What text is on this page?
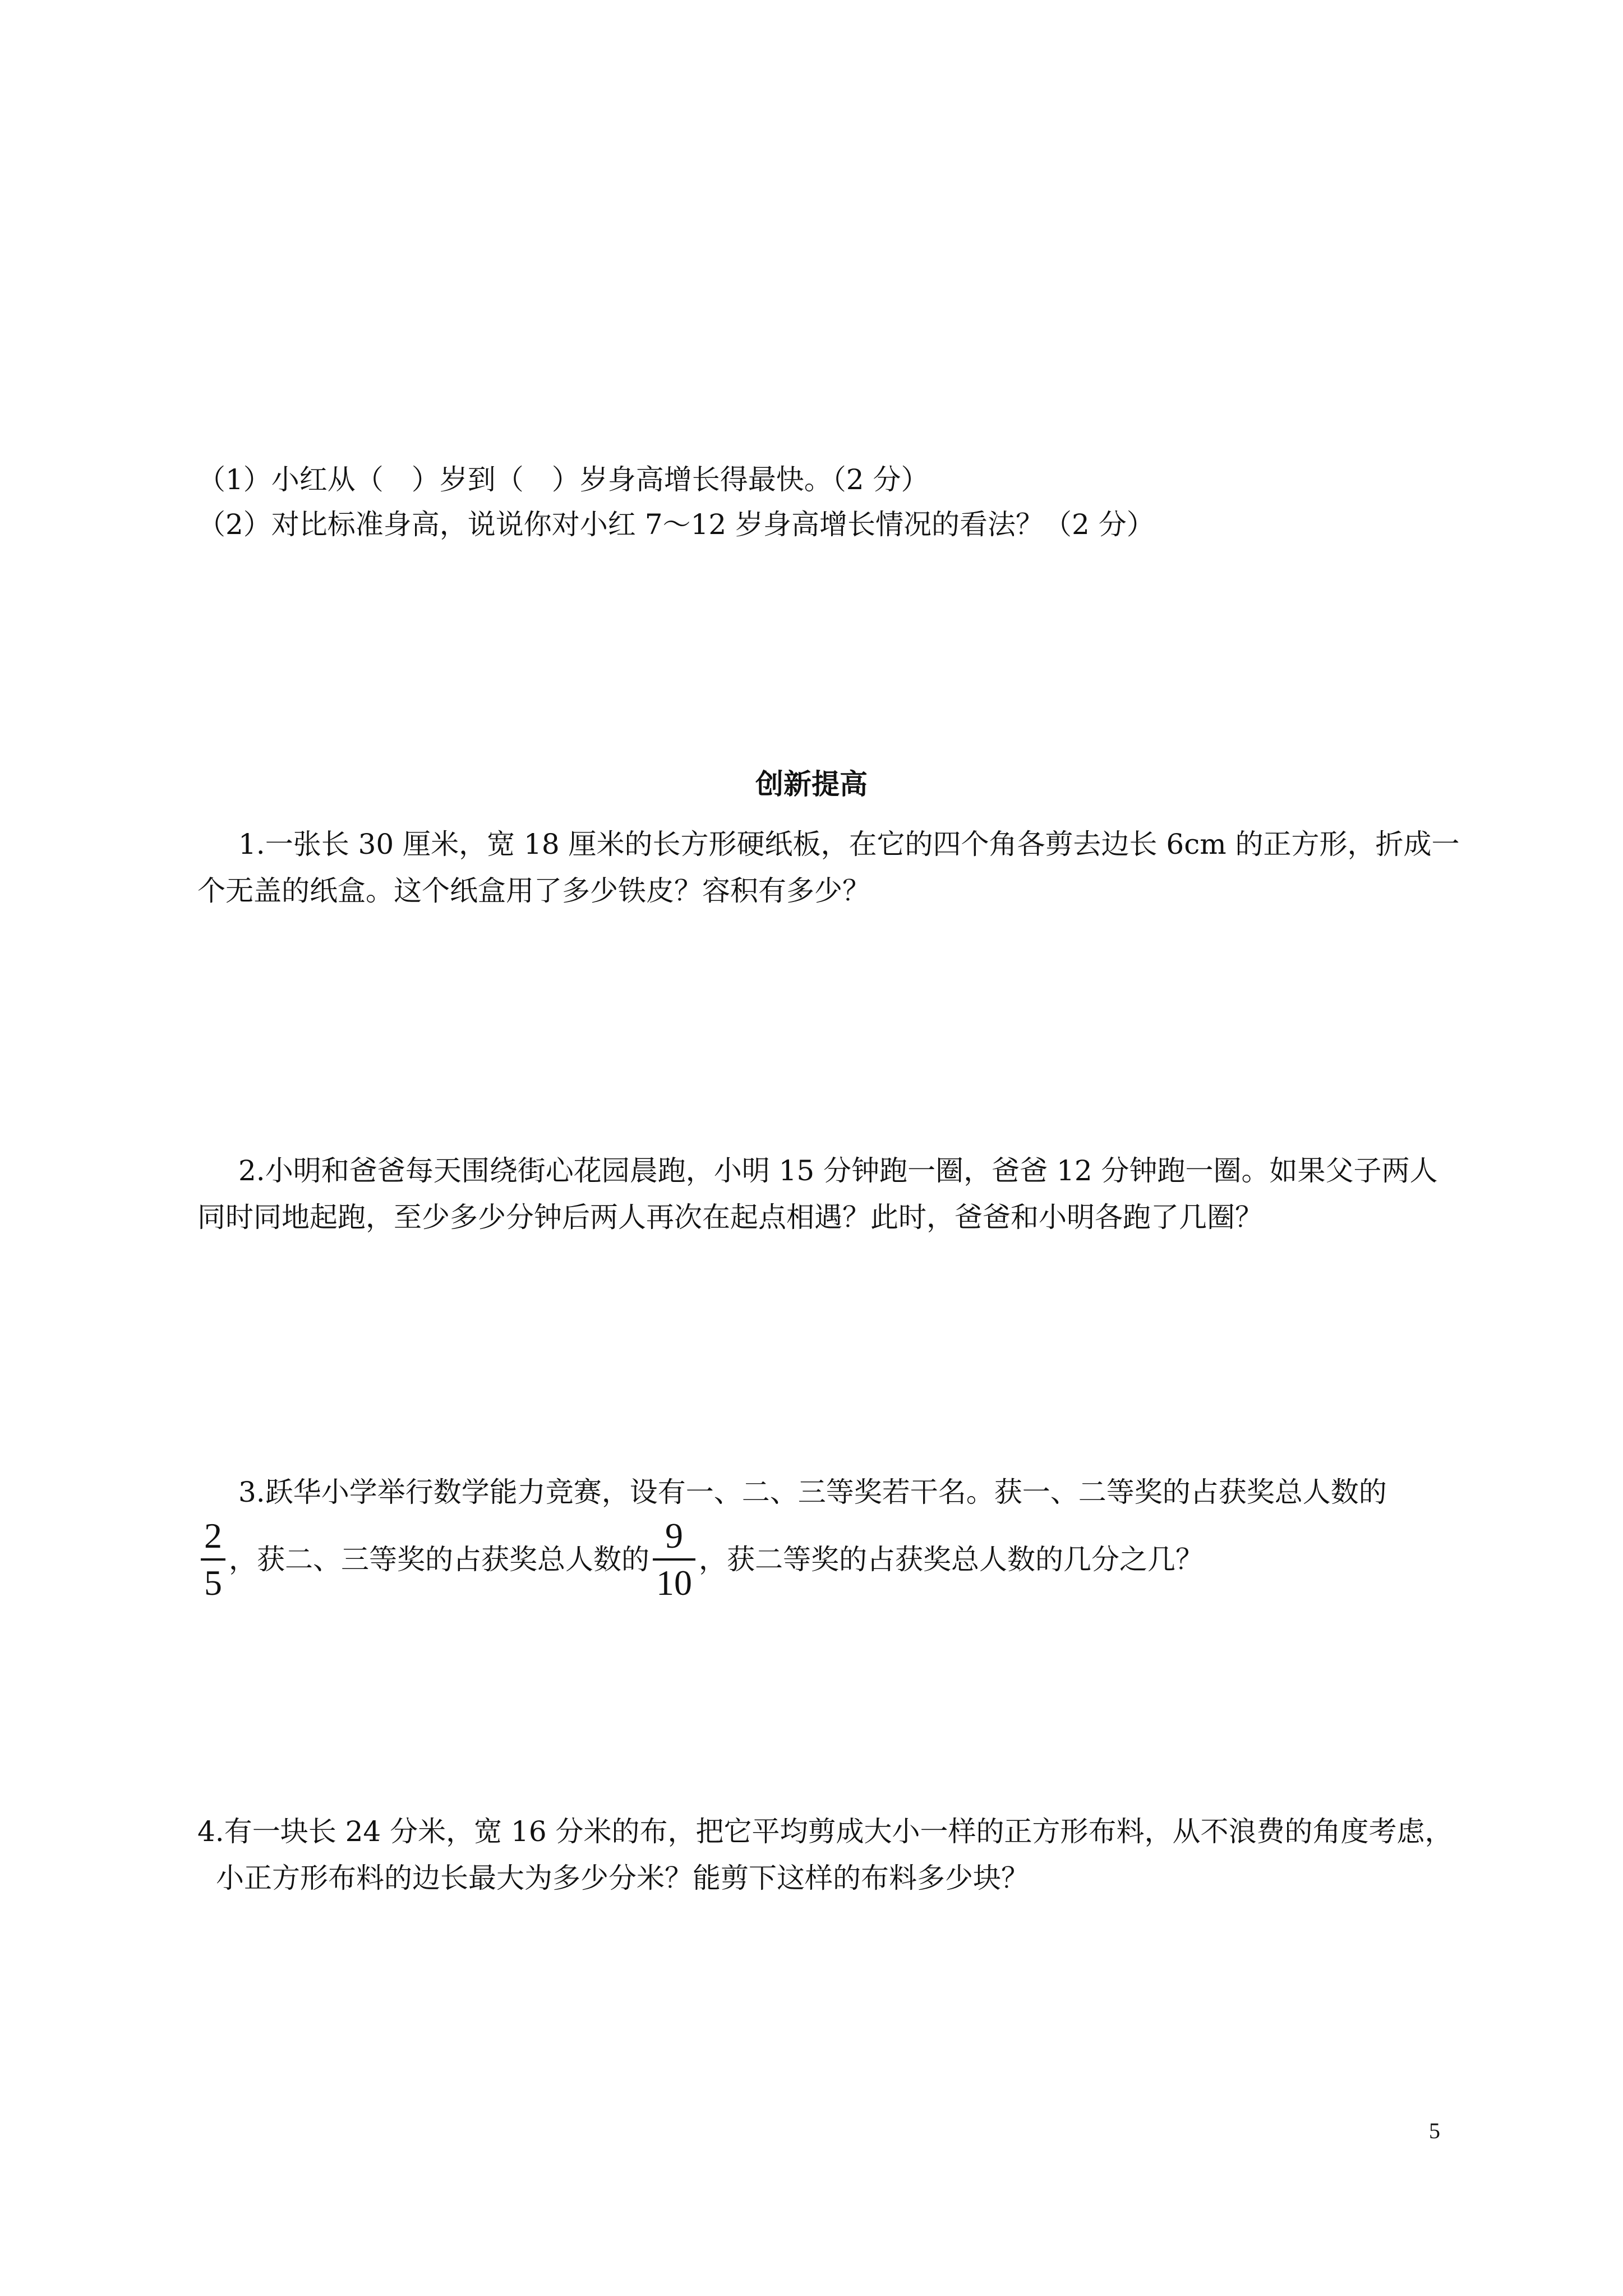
（1）小红从（　）岁到（　）岁身高增长得最快。（2 分）
（2）对比标准身高，说说你对小红 7～12 岁身高增长情况的看法？（2 分）
创新提高
1.一张长 30 厘米，宽 18 厘米的长方形硬纸板，在它的四个角各剪去边长 6cm 的正方形，折成一
个无盖的纸盒。这个纸盒用了多少铁皮？容积有多少？
2.小明和爸爸每天围绕街心花园晨跑，小明 15 分钟跑一圈，爸爸 12 分钟跑一圈。如果父子两人
同时同地起跑，至少多少分钟后两人再次在起点相遇？此时，爸爸和小明各跑了几圈？
3.跃华小学举行数学能力竞赛，设有一、二、三等奖若干名。获一、二等奖的占获奖总人数的
$\frac{2}{5}$ ，获二、三等奖的占获奖总人数的 $\frac{9}{10}$ ，获二等奖的占获奖总人数的几分之几？
4.有一块长 24 分米，宽 16 分米的布，把它平均剪成大小一样的正方形布料，从不浪费的角度考虑，
小正方形布料的边长最大为多少分米？能剪下这样的布料多少块？
5
